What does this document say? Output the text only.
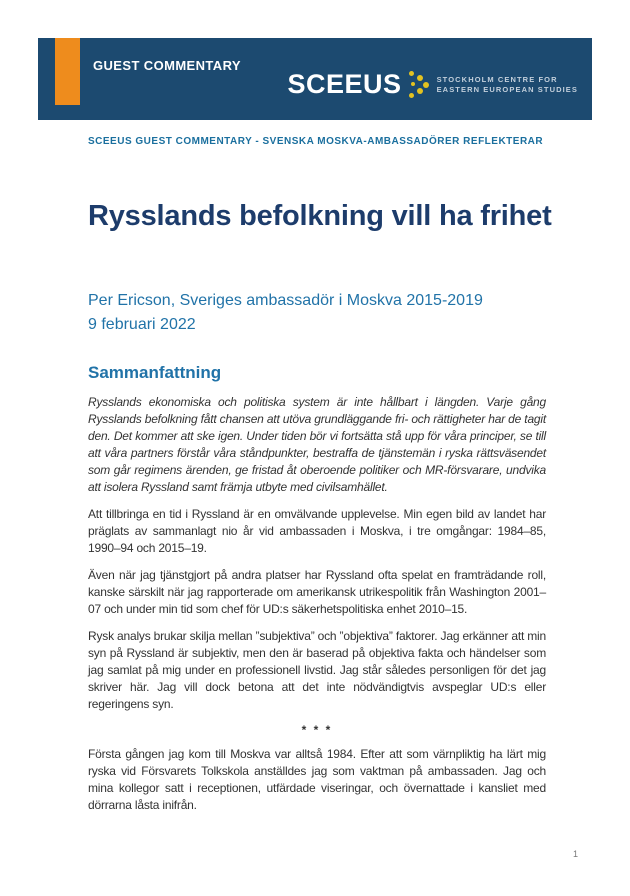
GUEST COMMENTARY
SCEEUS	STOCKHOLM CENTRE FOR
EASTERN EUROPEAN STUDIES
SCEEUS GUEST COMMENTARY - SVENSKA MOSKVA-AMBASSADÖRER REFLEKTERAR
Rysslands befolkning vill ha frihet
Per Ericson, Sveriges ambassadör i Moskva 2015-2019
9 februari 2022
Sammanfattning

Rysslands ekonomiska och politiska system är inte hållbart i längden. Varje gång Rysslands befolkning fått chansen att utöva grundläggande fri- och rättigheter har de tagit den. Det kommer att ske igen. Under tiden bör vi fortsätta stå upp för våra principer, se till att våra partners förstår våra ståndpunkter, bestraffa de tjänstemän i ryska rättsväsendet som går regimens ärenden, ge fristad åt oberoende politiker och MR-försvarare, undvika att isolera Ryssland samt främja utbyte med civilsamhället.

Att tillbringa en tid i Ryssland är en omvälvande upplevelse. Min egen bild av landet har präglats av sammanlagt nio år vid ambassaden i Moskva, i tre omgångar: 1984–85, 1990–94 och 2015–19.

Även när jag tjänstgjort på andra platser har Ryssland ofta spelat en framträdande roll, kanske särskilt när jag rapporterade om amerikansk utrikespolitik från Washington 2001–07 och under min tid som chef för UD:s säkerhetspolitiska enhet 2010–15.

Rysk analys brukar skilja mellan ”subjektiva” och ”objektiva” faktorer. Jag erkänner att min syn på Ryssland är subjektiv, men den är baserad på objektiva fakta och händelser som jag samlat på mig under en professionell livstid. Jag står således personligen för det jag skriver här. Jag vill dock betona att det inte nödvändigtvis avspeglar UD:s eller regeringens syn.

* * *

Första gången jag kom till Moskva var alltså 1984. Efter att som värnpliktig ha lärt mig ryska vid Försvarets Tolkskola anställdes jag som vaktman på ambassaden. Jag och mina kollegor satt i receptionen, utfärdade viseringar, och övernattade i kansliet med dörrarna låsta inifrån.

1
